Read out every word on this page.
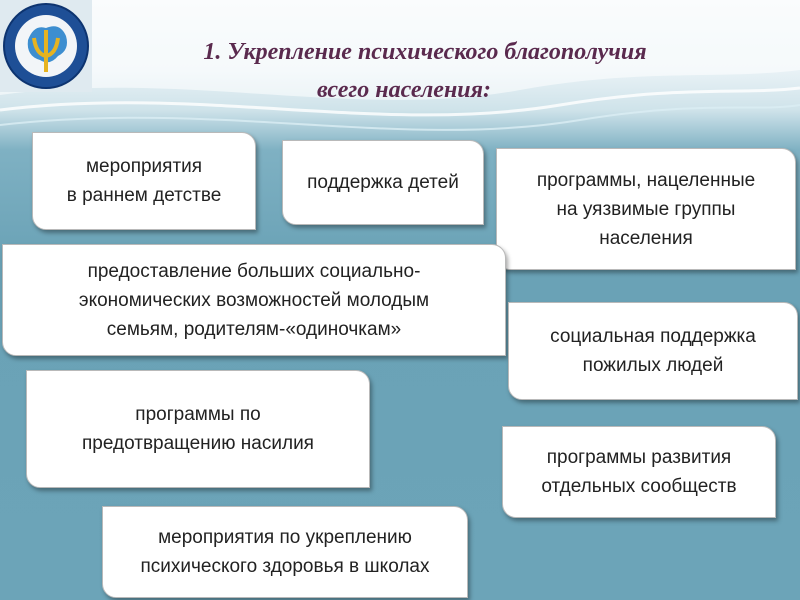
1. Укрепление психического благополучия
всего населения:
мероприятия
в раннем детстве
поддержка детей	программы, нацеленные
на уязвимые группы
населения
предоставление больших социально-
экономических возможностей молодым
семьям, родителям-«одиночкам»	социальная поддержка
пожилых людей
программы по
предотвращению насилия
программы развития
отдельных сообществ
мероприятия по укреплению
психического здоровья в школах
